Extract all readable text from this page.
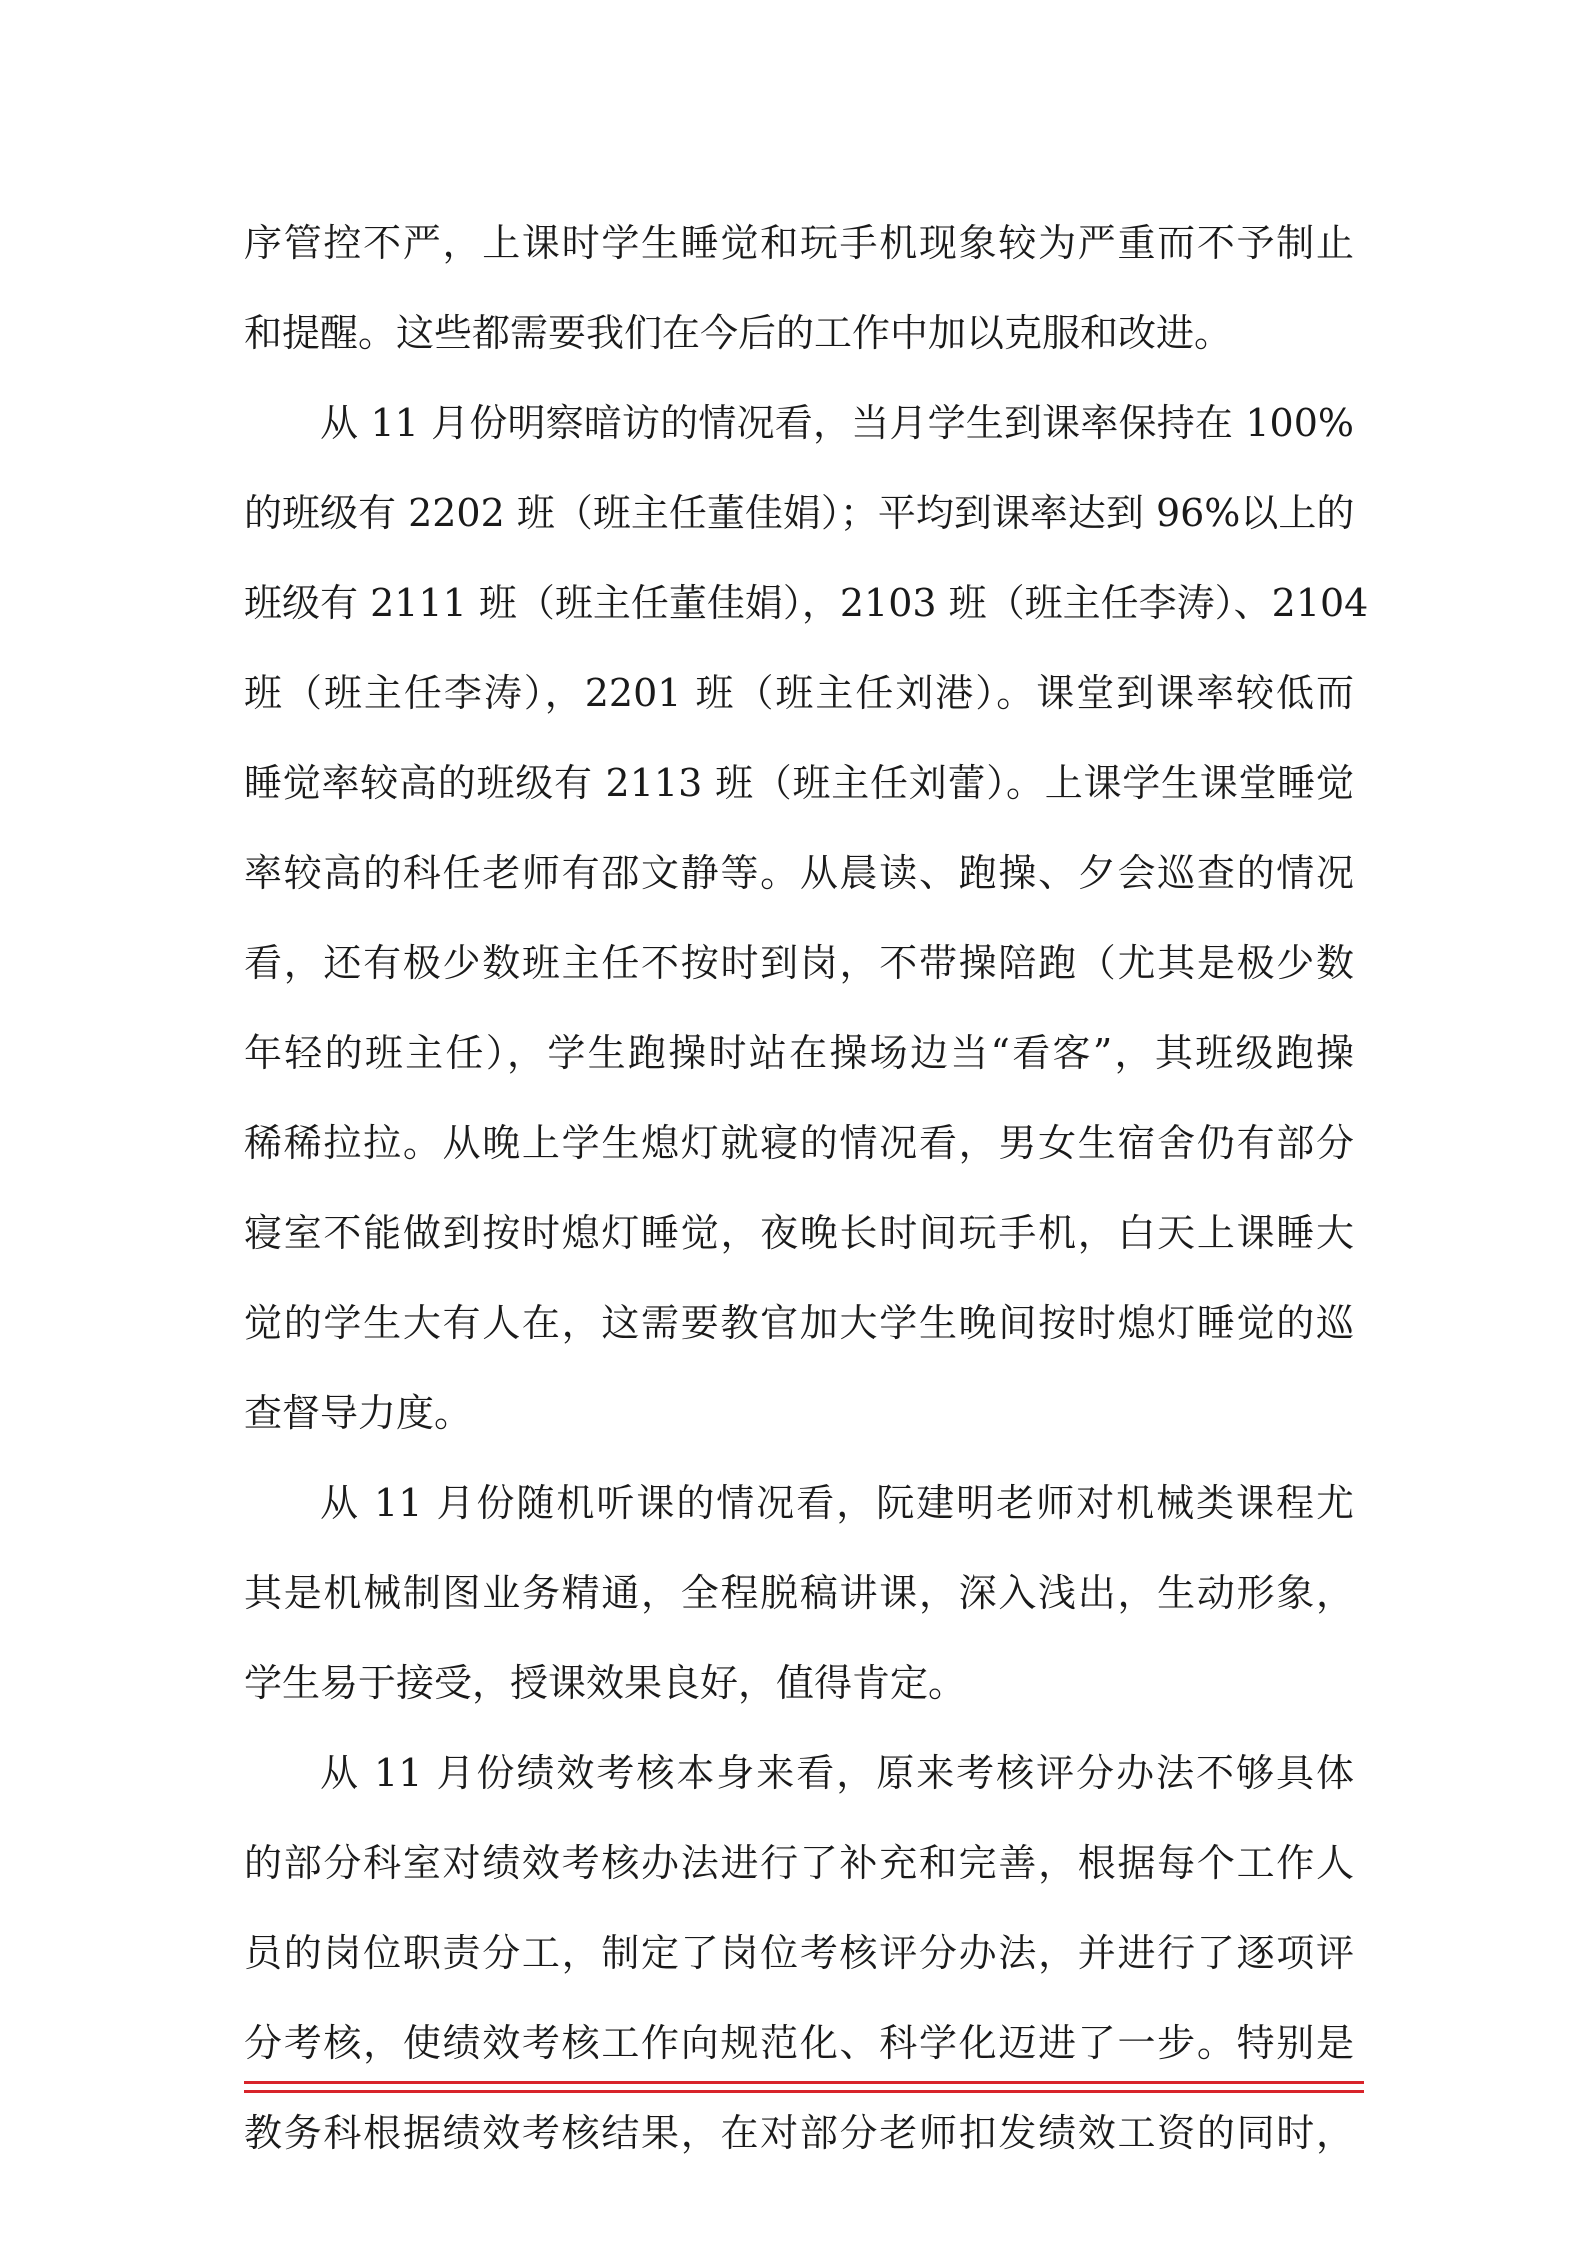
序管控不严，上课时学生睡觉和玩手机现象较为严重而不予制止
和提醒。这些都需要我们在今后的工作中加以克服和改进。
从 11 月份明察暗访的情况看，当月学生到课率保持在 100%
的班级有 2202 班（班主任董佳娟）；平均到课率达到 96%以上的
班级有 2111 班（班主任董佳娟），2103 班（班主任李涛）、2104
班（班主任李涛），2201 班（班主任刘港）。课堂到课率较低而
睡觉率较高的班级有 2113 班（班主任刘蕾）。上课学生课堂睡觉
率较高的科任老师有邵文静等。从晨读、跑操、夕会巡查的情况
看，还有极少数班主任不按时到岗，不带操陪跑（尤其是极少数
年轻的班主任），学生跑操时站在操场边当“看客”，其班级跑操
稀稀拉拉。从晚上学生熄灯就寝的情况看，男女生宿舍仍有部分
寝室不能做到按时熄灯睡觉，夜晚长时间玩手机，白天上课睡大
觉的学生大有人在，这需要教官加大学生晚间按时熄灯睡觉的巡
查督导力度。
从 11 月份随机听课的情况看，阮建明老师对机械类课程尤
其是机械制图业务精通，全程脱稿讲课，深入浅出，生动形象，
学生易于接受，授课效果良好，值得肯定。
从 11 月份绩效考核本身来看，原来考核评分办法不够具体
的部分科室对绩效考核办法进行了补充和完善，根据每个工作人
员的岗位职责分工，制定了岗位考核评分办法，并进行了逐项评
分考核，使绩效考核工作向规范化、科学化迈进了一步。特别是
教务科根据绩效考核结果，在对部分老师扣发绩效工资的同时，
